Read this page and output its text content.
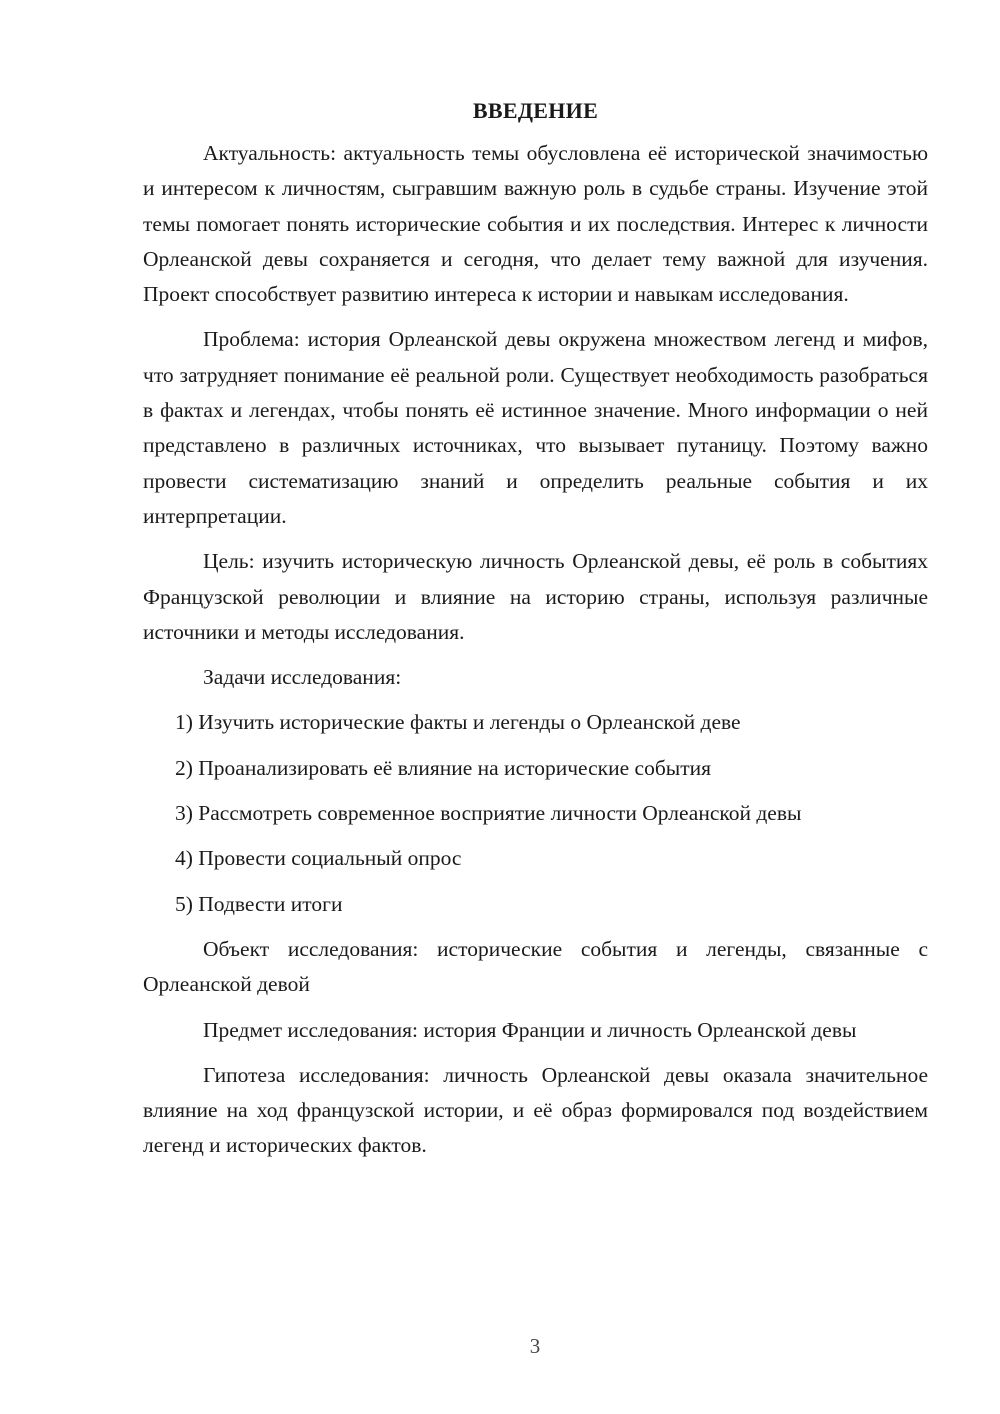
ВВЕДЕНИЕ

Актуальность: актуальность темы обусловлена её исторической значимостью и интересом к личностям, сыгравшим важную роль в судьбе страны. Изучение этой темы помогает понять исторические события и их последствия. Интерес к личности Орлеанской девы сохраняется и сегодня, что делает тему важной для изучения. Проект способствует развитию интереса к истории и навыкам исследования.

Проблема: история Орлеанской девы окружена множеством легенд и мифов, что затрудняет понимание её реальной роли. Существует необходимость разобраться в фактах и легендах, чтобы понять её истинное значение. Много информации о ней представлено в различных источниках, что вызывает путаницу. Поэтому важно провести систематизацию знаний и определить реальные события и их интерпретации.

Цель: изучить историческую личность Орлеанской девы, её роль в событиях Французской революции и влияние на историю страны, используя различные источники и методы исследования.

Задачи исследования:

1) Изучить исторические факты и легенды о Орлеанской деве
2) Проанализировать её влияние на исторические события
3) Рассмотреть современное восприятие личности Орлеанской девы
4) Провести социальный опрос
5) Подвести итоги

Объект исследования: исторические события и легенды, связанные с Орлеанской девой

Предмет исследования: история Франции и личность Орлеанской девы

Гипотеза исследования: личность Орлеанской девы оказала значительное влияние на ход французской истории, и её образ формировался под воздействием легенд и исторических фактов.

3
